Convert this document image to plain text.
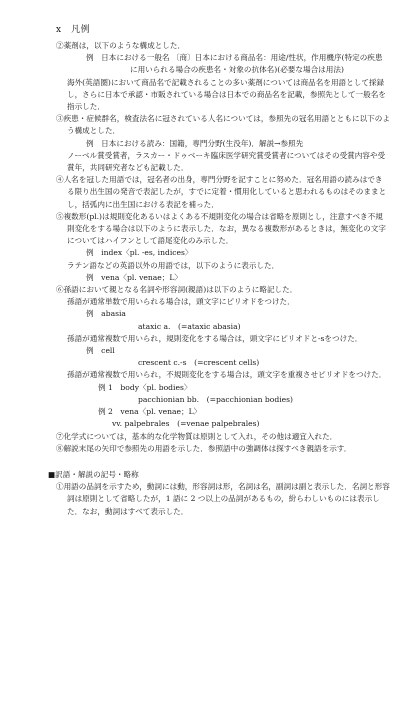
x　凡例

②薬剤は，以下のような構成とした．

例　日本における一般名 〔商〕日本における商品名：用途/性状，作用機序(特定の疾患に用いられる場合の疾患名・対象の抗体名)(必要な場合は用法)

海外(英語圏)において商品名で記載されることの多い薬剤については商品名を用語として採録し，さらに日本で承認・市販されている場合は日本での商品名を記載，参照先として一般名を指示した．

③疾患・症候群名，検査法名に冠されている人名については，参照先の冠名用語とともに以下のよう構成とした．

例　日本における読み：国籍，専門分野(生没年)．解説→参照先

ノーベル賞受賞者，ラスカー・ドゥベーキ臨床医学研究賞受賞者についてはその受賞内容や受賞年，共同研究者なども記載した．

④人名を冠した用語では，冠名者の出身，専門分野を記すことに努めた．冠名用語の読みはできる限り出生国の発音で表記したが，すでに定着・慣用化していると思われるものはそのままとし，括弧内に出生国における表記を補った．

⑤複数形(pl.)は規則変化あるいはよくある不規則変化の場合は省略を原則とし，注意すべき不規則変化をする場合は以下のように表示した．なお，異なる複数形があるときは，無変化の文字についてはハイフンとして語尾変化のみ示した．

例　index〈pl. -es, indices〉

ラテン語などの英語以外の用語では，以下のように表示した．

例　vena〈pl. venae；L〉

⑥孫語において親となる名詞や形容詞(親語)は以下のように略記した．

孫語が通常単数で用いられる場合は，頭文字にピリオドをつけた．

例　abasia

ataxic a.　(=ataxic abasia)

孫語が通常複数で用いられ，規則変化をする場合は，頭文字にピリオドと-sをつけた．

例　cell

crescent c.-s　(=crescent cells)

孫語が通常複数で用いられ，不規則変化をする場合は，頭文字を重複させピリオドをつけた．

例 1　body〈pl. bodies〉

pacchionian bb.　(=pacchionian bodies)

例 2　vena〈pl. venae；L〉

vv. palpebrales　(=venae palpebrales)

⑦化学式については，基本的な化学物質は原則として入れ，その他は適宜入れた．

⑧解説末尾の矢印で参照先の用語を示した．参照語中の強調体は探すべき親語を示す．

■訳語・解説の記号・略称

①用語の品詞を示すため，動詞には動，形容詞は形，名詞は名，副詞は副と表示した．名詞と形容詞は原則として省略したが，1 語に 2 つ以上の品詞があるもの，紛らわしいものには表示した．なお，動詞はすべて表示した．
